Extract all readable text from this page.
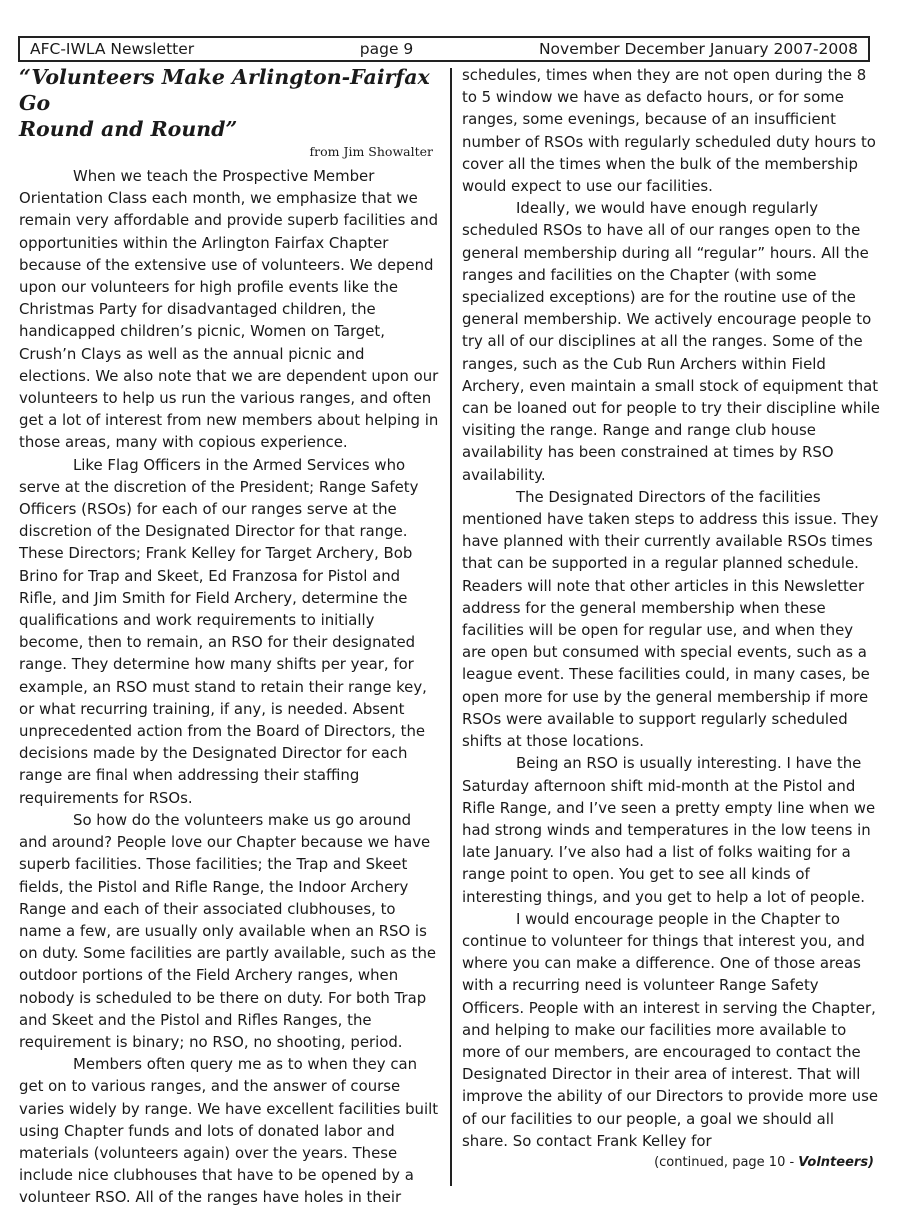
AFC-IWLA Newsletter	page 9	November December January 2007-2008
“Volunteers Make Arlington-Fairfax Go
Round and Round”
from Jim Showalter

When we teach the Prospective Member Orientation Class each month, we emphasize that we remain very affordable and provide superb facilities and opportunities within the Arlington Fairfax Chapter because of the extensive use of volunteers. We depend upon our volunteers for high profile events like the Christmas Party for disadvantaged children, the handicapped children’s picnic, Women on Target, Crush’n Clays as well as the annual picnic and elections. We also note that we are dependent upon our volunteers to help us run the various ranges, and often get a lot of interest from new members about helping in those areas, many with copious experience.

Like Flag Officers in the Armed Services who serve at the discretion of the President; Range Safety Officers (RSOs) for each of our ranges serve at the discretion of the Designated Director for that range. These Directors; Frank Kelley for Target Archery, Bob Brino for Trap and Skeet, Ed Franzosa for Pistol and Rifle, and Jim Smith for Field Archery, determine the qualifications and work requirements to initially become, then to remain, an RSO for their designated range. They determine how many shifts per year, for example, an RSO must stand to retain their range key, or what recurring training, if any, is needed. Absent unprecedented action from the Board of Directors, the decisions made by the Designated Director for each range are final when addressing their staffing requirements for RSOs.

So how do the volunteers make us go around and around? People love our Chapter because we have superb facilities. Those facilities; the Trap and Skeet fields, the Pistol and Rifle Range, the Indoor Archery Range and each of their associated clubhouses, to name a few, are usually only available when an RSO is on duty. Some facilities are partly available, such as the outdoor portions of the Field Archery ranges, when nobody is scheduled to be there on duty. For both Trap and Skeet and the Pistol and Rifles Ranges, the requirement is binary; no RSO, no shooting, period.

Members often query me as to when they can get on to various ranges, and the answer of course varies widely by range. We have excellent facilities built using Chapter funds and lots of donated labor and materials (volunteers again) over the years. These include nice clubhouses that have to be opened by a volunteer RSO. All of the ranges have holes in their

schedules, times when they are not open during the 8 to 5 window we have as defacto hours, or for some ranges, some evenings, because of an insufficient number of RSOs with regularly scheduled duty hours to cover all the times when the bulk of the membership would expect to use our facilities.

Ideally, we would have enough regularly scheduled RSOs to have all of our ranges open to the general membership during all “regular” hours. All the ranges and facilities on the Chapter (with some specialized exceptions) are for the routine use of the general membership. We actively encourage people to try all of our disciplines at all the ranges. Some of the ranges, such as the Cub Run Archers within Field Archery, even maintain a small stock of equipment that can be loaned out for people to try their discipline while visiting the range. Range and range club house availability has been constrained at times by RSO availability.

The Designated Directors of the facilities mentioned have taken steps to address this issue. They have planned with their currently available RSOs times that can be supported in a regular planned schedule. Readers will note that other articles in this Newsletter address for the general membership when these facilities will be open for regular use, and when they are open but consumed with special events, such as a league event. These facilities could, in many cases, be open more for use by the general membership if more RSOs were available to support regularly scheduled shifts at those locations.

Being an RSO is usually interesting. I have the Saturday afternoon shift mid-month at the Pistol and Rifle Range, and I’ve seen a pretty empty line when we had strong winds and temperatures in the low teens in late January. I’ve also had a list of folks waiting for a range point to open. You get to see all kinds of interesting things, and you get to help a lot of people.

I would encourage people in the Chapter to continue to volunteer for things that interest you, and where you can make a difference. One of those areas with a recurring need is volunteer Range Safety Officers. People with an interest in serving the Chapter, and helping to make our facilities more available to more of our members, are encouraged to contact the Designated Director in their area of interest. That will improve the ability of our Directors to provide more use of our facilities to our people, a goal we should all share. So contact Frank Kelley for

(continued, page 10 - Volnteers)
